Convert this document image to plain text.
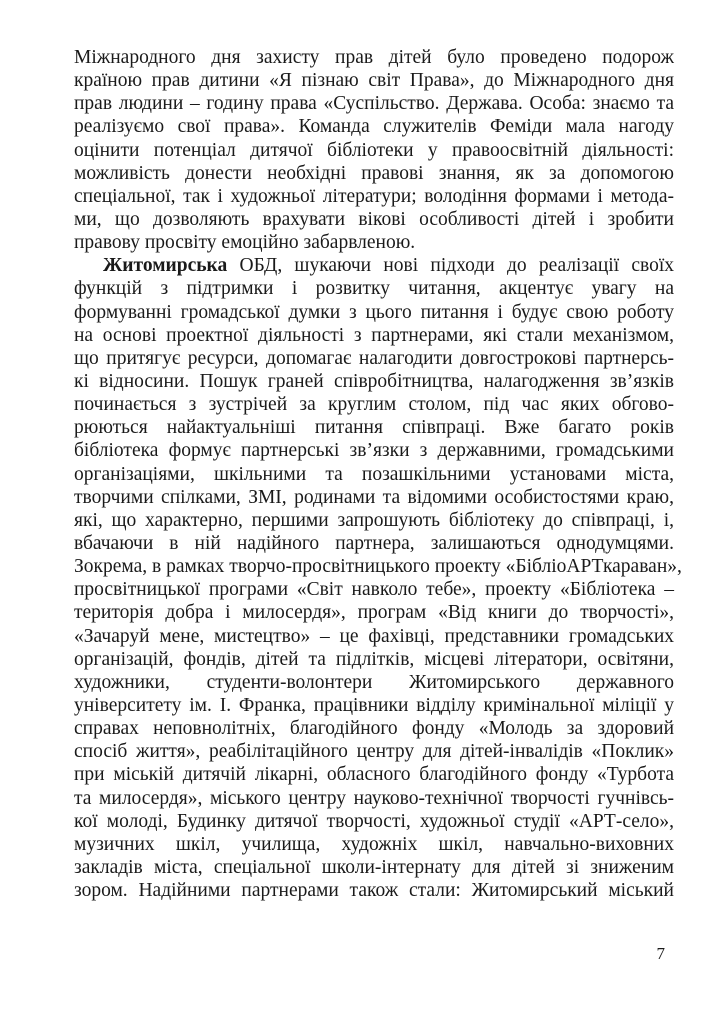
Міжнародного дня захисту прав дітей було проведено подорож
країною прав дитини «Я пізнаю світ Права», до Міжнародного дня
прав людини – годину права «Суспільство. Держава. Особа: знаємо та
реалізуємо свої права». Команда служителів Феміди мала нагоду
оцінити потенціал дитячої бібліотеки у правоосвітній діяльності:
можливість донести необхідні правові знання, як за допомогою
спеціальної, так і художньої літератури; володіння формами і метода-
ми, що дозволяють врахувати вікові особливості дітей і зробити
правову просвіту емоційно забарвленою.
Житомирська ОБД, шукаючи нові підходи до реалізації своїх
функцій з підтримки і розвитку читання, акцентує увагу на
формуванні громадської думки з цього питання і будує свою роботу
на основі проектної діяльності з партнерами, які стали механізмом,
що притягує ресурси, допомагає налагодити довгострокові партнерсь-
кі відносини. Пошук граней співробітництва, налагодження зв’язків
починається з зустрічей за круглим столом, під час яких обгово-
рюються найактуальніші питання співпраці. Вже багато років
бібліотека формує партнерські зв’язки з державними, громадськими
організаціями, шкільними та позашкільними установами міста,
творчими спілками, ЗМІ, родинами та відомими особистостями краю,
які, що характерно, першими запрошують бібліотеку до співпраці, і,
вбачаючи в ній надійного партнера, залишаються однодумцями.
Зокрема, в рамках творчо-просвітницького проекту «БібліоАРТкараван»,
просвітницької програми «Світ навколо тебе», проекту «Бібліотека –
територія добра і милосердя», програм «Від книги до творчості»,
«Зачаруй мене, мистецтво» – це фахівці, представники громадських
організацій, фондів, дітей та підлітків, місцеві літератори, освітяни,
художники, студенти-волонтери Житомирського державного
університету ім. І. Франка, працівники відділу кримінальної міліції у
справах неповнолітніх, благодійного фонду «Молодь за здоровий
спосіб життя», реабілітаційного центру для дітей-інвалідів «Поклик»
при міській дитячій лікарні, обласного благодійного фонду «Турбота
та милосердя», міського центру науково-технічної творчості гучнівсь-
кої молоді, Будинку дитячої творчості, художньої студії «АРТ-село»,
музичних шкіл, училища, художніх шкіл, навчально-виховних
закладів міста, спеціальної школи-інтернату для дітей зі зниженим
зором. Надійними партнерами також стали: Житомирський міський
7
